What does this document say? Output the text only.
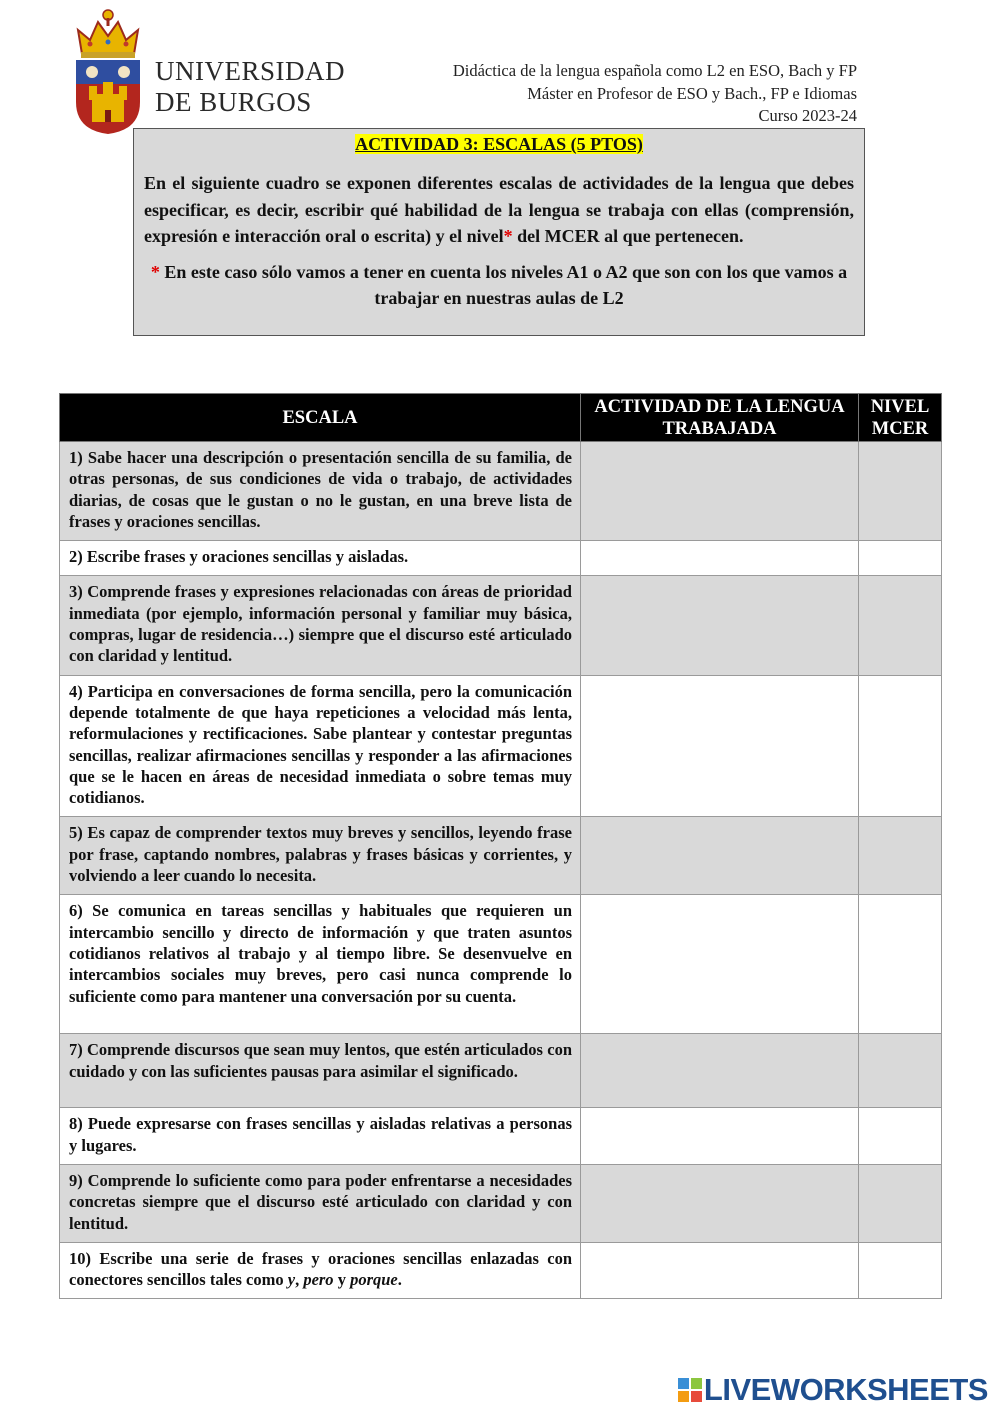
UNIVERSIDAD
DE BURGOS
Didáctica de la lengua española como L2 en ESO, Bach y FP
Máster en Profesor de ESO y Bach., FP e Idiomas
Curso 2023-24
ACTIVIDAD 3: ESCALAS (5 PTOS)
En el siguiente cuadro se exponen diferentes escalas de actividades de la lengua que debes especificar, es decir, escribir qué habilidad de la lengua se trabaja con ellas (comprensión, expresión e interacción oral o escrita) y el nivel* del MCER al que pertenecen.
* En este caso sólo vamos a tener en cuenta los niveles A1 o A2 que son con los que vamos a trabajar en nuestras aulas de L2
ESCALA	ACTIVIDAD DE LA LENGUA TRABAJADA	NIVEL MCER
1) Sabe hacer una descripción o presentación sencilla de su familia, de otras personas, de sus condiciones de vida o trabajo, de actividades diarias, de cosas que le gustan o no le gustan, en una breve lista de frases y oraciones sencillas.		
2) Escribe frases y oraciones sencillas y aisladas.		
3) Comprende frases y expresiones relacionadas con áreas de prioridad inmediata (por ejemplo, información personal y familiar muy básica, compras, lugar de residencia…) siempre que el discurso esté articulado con claridad y lentitud.		
4) Participa en conversaciones de forma sencilla, pero la comunicación depende totalmente de que haya repeticiones a velocidad más lenta, reformulaciones y rectificaciones. Sabe plantear y contestar preguntas sencillas, realizar afirmaciones sencillas y responder a las afirmaciones que se le hacen en áreas de necesidad inmediata o sobre temas muy cotidianos.		
5) Es capaz de comprender textos muy breves y sencillos, leyendo frase por frase, captando nombres, palabras y frases básicas y corrientes, y volviendo a leer cuando lo necesita.		
6) Se comunica en tareas sencillas y habituales que requieren un intercambio sencillo y directo de información y que traten asuntos cotidianos relativos al trabajo y al tiempo libre. Se desenvuelve en intercambios sociales muy breves, pero casi nunca comprende lo suficiente como para mantener una conversación por su cuenta.		
7) Comprende discursos que sean muy lentos, que estén articulados con cuidado y con las suficientes pausas para asimilar el significado.		
8) Puede expresarse con frases sencillas y aisladas relativas a personas y lugares.		
9) Comprende lo suficiente como para poder enfrentarse a necesidades concretas siempre que el discurso esté articulado con claridad y con lentitud.		
10) Escribe una serie de frases y oraciones sencillas enlazadas con conectores sencillos tales como y, pero y porque.		
LIVEWORKSHEETS
